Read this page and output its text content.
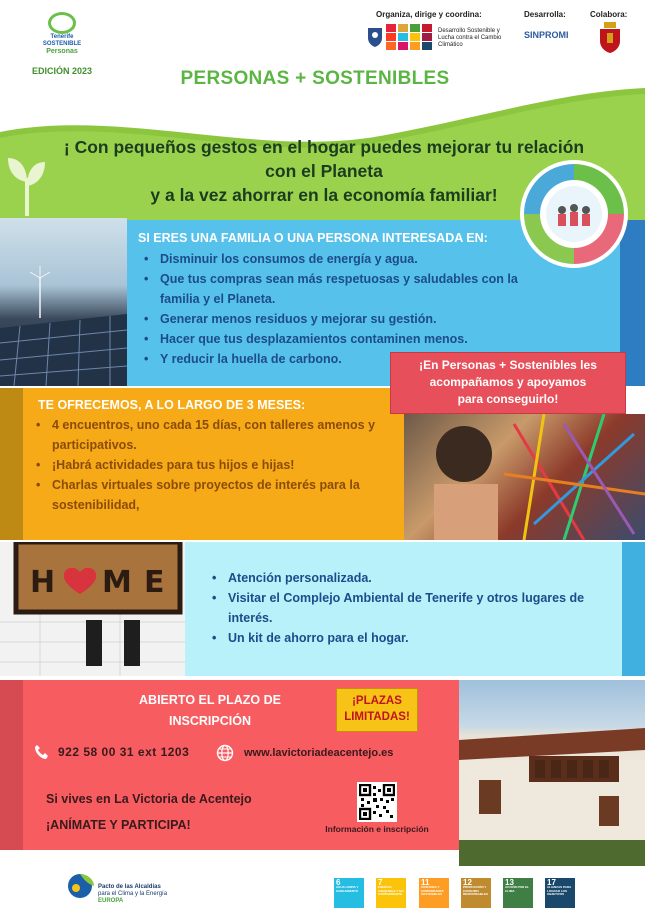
Tenerife
SOSTENIBLE
Personas
EDICIÓN 2023
Organiza, dirige y coordina:
Desarrollo Sostenible y Lucha contra el Cambio Climático
Desarrolla:
SINPROMI
Colabora:
PERSONAS + SOSTENIBLES
¡ Con pequeños gestos en el hogar puedes mejorar tu relación
con el Planeta
y a la vez ahorrar en la economía familiar!
SI ERES UNA FAMILIA O UNA PERSONA INTERESADA EN:
• Disminuir los consumos de energía y agua.
• Que tus compras sean más respetuosas y saludables con la familia y el Planeta.
• Generar menos residuos y mejorar su gestión.
• Hacer que tus desplazamientos contaminen menos.
• Y reducir la huella de carbono.	¡En Personas + Sostenibles les
acompañamos y apoyamos
para conseguirlo!
TE OFRECEMOS, A LO LARGO DE 3 MESES:
• 4 encuentros, uno cada 15 días, con talleres amenos y participativos.
• ¡Habrá actividades para tus hijos e hijas!
• Charlas virtuales sobre proyectos de interés para la sostenibilidad,
H M E
•	Atención personalizada.
• Visitar el Complejo Ambiental de Tenerife y otros lugares de interés.
• Un kit de ahorro para el hogar.
ABIERTO EL PLAZO DE
INSCRIPCIÓN
¡PLAZAS
LIMITADAS!
922 58 00 31 ext 1203	www.lavictoriadeacentejo.es
Si vives en La Victoria de Acentejo
¡ANÍMATE Y PARTICIPA!	Información e inscripción
Pacto de las Alcaldías
para el Clima y la Energía
EUROPA
6
AGUA LIMPIA Y SANEAMIENTO
7
ENERGÍA ASEQUIBLE Y NO CONTAMINANTE
11
CIUDADES Y COMUNIDADES SOSTENIBLES
12
PRODUCCIÓN Y CONSUMO RESPONSABLES
13
ACCIÓN POR EL CLIMA
17
ALIANZAS PARA LOGRAR LOS OBJETIVOS
